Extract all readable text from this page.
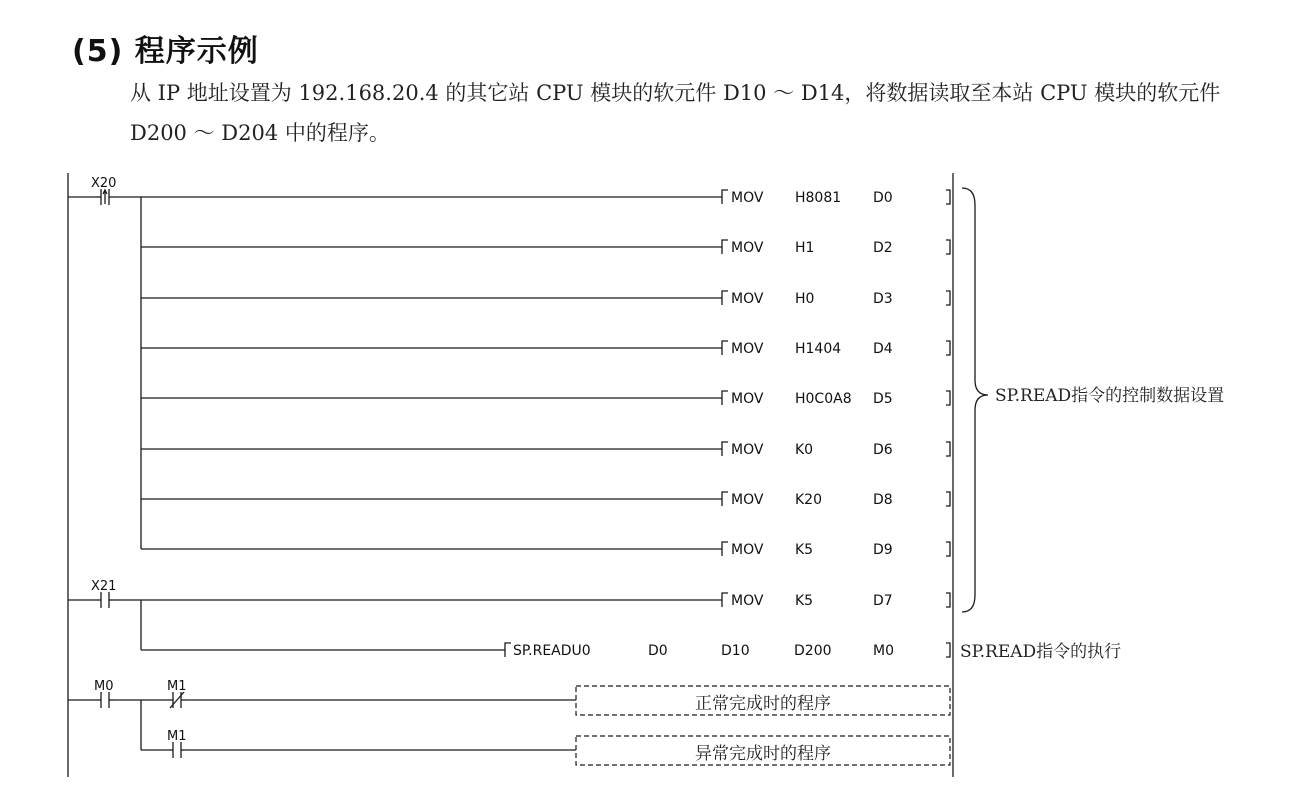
(5) 程序示例
从 IP 地址设置为 192.168.20.4 的其它站 CPU 模块的软元件 D10 ～ D14，将数据读取至本站 CPU 模块的软元件
D200 ～ D204 中的程序。
MOV H8081 D0
MOV H1	D2
MOV H0	D3
MOV H1404 D4
MOV H0C0A8 D5
MOV K0	D6
MOV K20	D8
MOV K5	D9
MOV K5	D7
SP.READU0	D0	D10	D200	M0
X20
X21
M0	M1
M1
SP.READ指令的控制数据设置
SP.READ指令的执行
正常完成时的程序
异常完成时的程序
